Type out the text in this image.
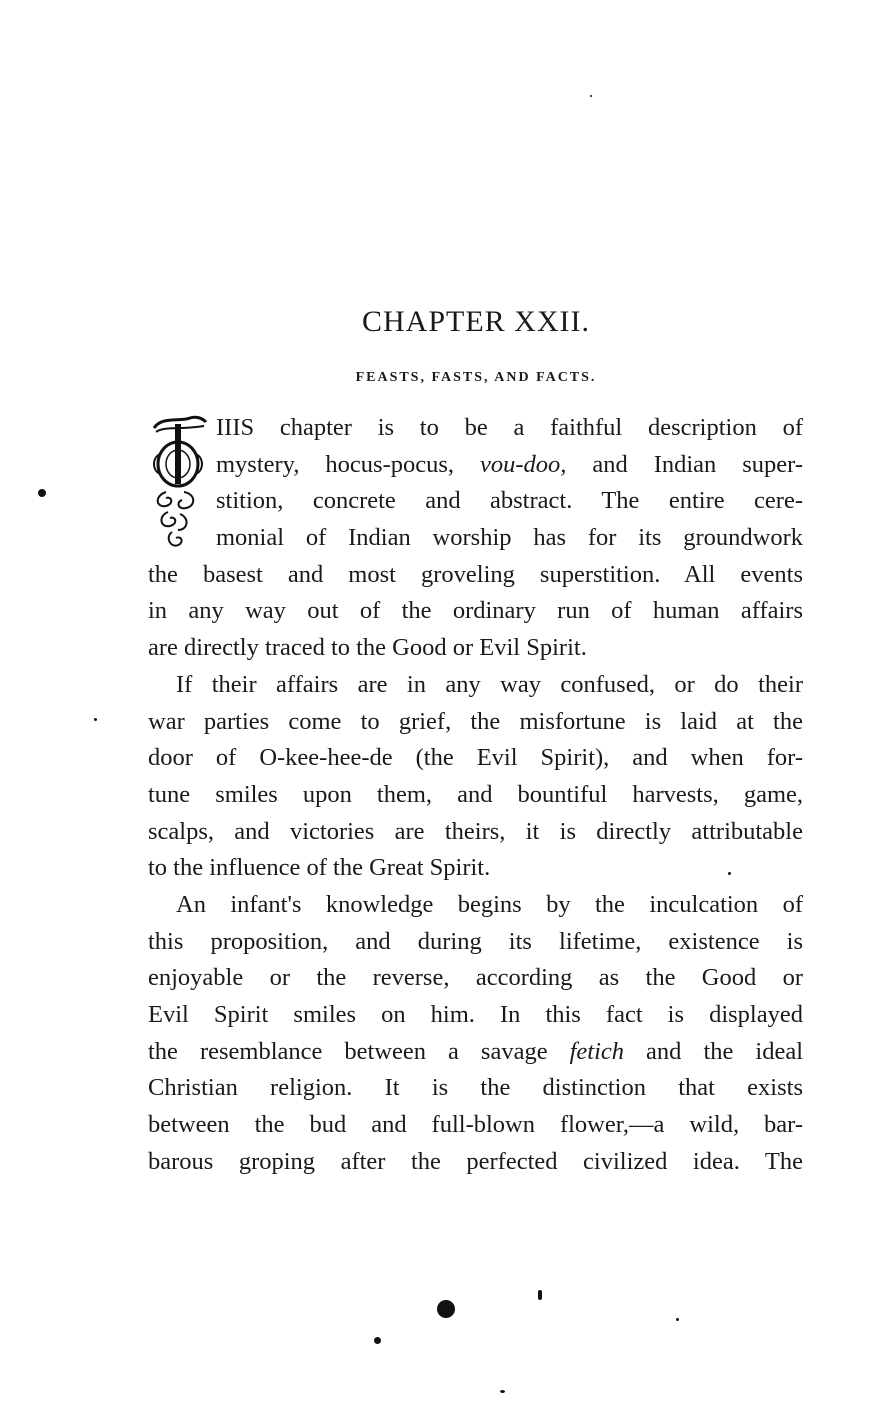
CHAPTER XXII.
FEASTS, FASTS, AND FACTS.
IIIS chapter is to be a faithful description of
mystery, hocus-pocus, vou-doo, and Indian super-
stition, concrete and abstract. The entire cere-
monial of Indian worship has for its groundwork
the basest and most groveling superstition. All events
in any way out of the ordinary run of human affairs
are directly traced to the Good or Evil Spirit.
If their affairs are in any way confused, or do their
war parties come to grief, the misfortune is laid at the
door of O-kee-hee-de (the Evil Spirit), and when for-
tune smiles upon them, and bountiful harvests, game,
scalps, and victories are theirs, it is directly attributable
to the influence of the Great Spirit.
An infant's knowledge begins by the inculcation of
this proposition, and during its lifetime, existence is
enjoyable or the reverse, according as the Good or
Evil Spirit smiles on him. In this fact is displayed
the resemblance between a savage fetich and the ideal
Christian religion. It is the distinction that exists
between the bud and full-blown flower,—a wild, bar-
barous groping after the perfected civilized idea. The
